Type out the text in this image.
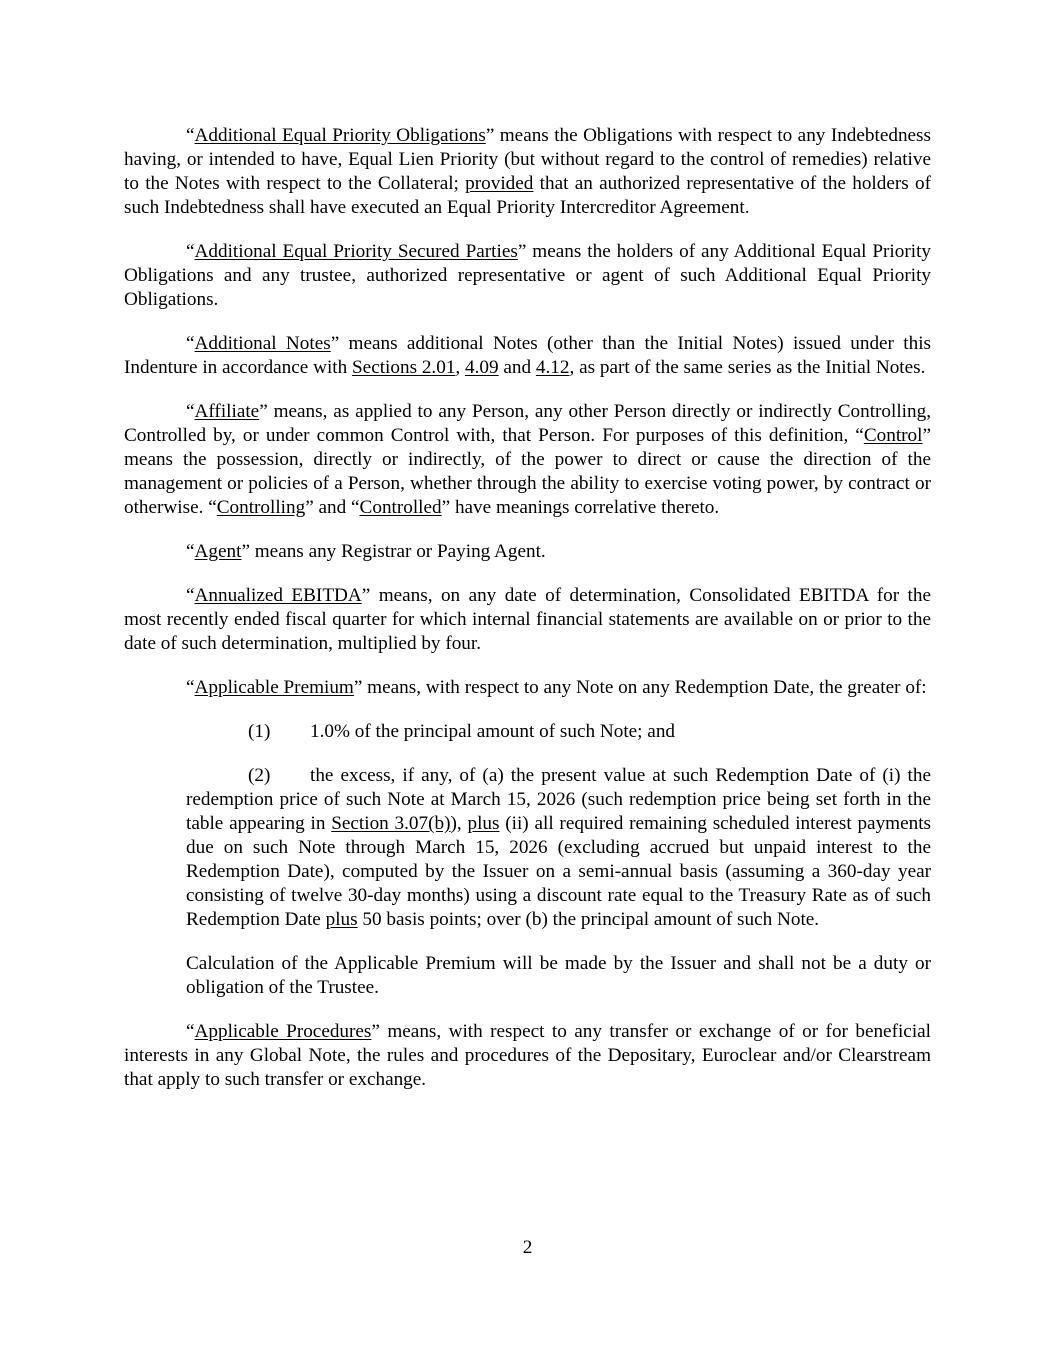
“Additional Equal Priority Obligations” means the Obligations with respect to any Indebtedness having, or intended to have, Equal Lien Priority (but without regard to the control of remedies) relative to the Notes with respect to the Collateral; provided that an authorized representative of the holders of such Indebtedness shall have executed an Equal Priority Intercreditor Agreement.

“Additional Equal Priority Secured Parties” means the holders of any Additional Equal Priority Obligations and any trustee, authorized representative or agent of such Additional Equal Priority Obligations.

“Additional Notes” means additional Notes (other than the Initial Notes) issued under this Indenture in accordance with Sections 2.01, 4.09 and 4.12, as part of the same series as the Initial Notes.

“Affiliate” means, as applied to any Person, any other Person directly or indirectly Controlling, Controlled by, or under common Control with, that Person. For purposes of this definition, “Control” means the possession, directly or indirectly, of the power to direct or cause the direction of the management or policies of a Person, whether through the ability to exercise voting power, by contract or otherwise. “Controlling” and “Controlled” have meanings correlative thereto.

“Agent” means any Registrar or Paying Agent.

“Annualized EBITDA” means, on any date of determination, Consolidated EBITDA for the most recently ended fiscal quarter for which internal financial statements are available on or prior to the date of such determination, multiplied by four.

“Applicable Premium” means, with respect to any Note on any Redemption Date, the greater of:

(1) 1.0% of the principal amount of such Note; and

(2) the excess, if any, of (a) the present value at such Redemption Date of (i) the redemption price of such Note at March 15, 2026 (such redemption price being set forth in the table appearing in Section 3.07(b)), plus (ii) all required remaining scheduled interest payments due on such Note through March 15, 2026 (excluding accrued but unpaid interest to the Redemption Date), computed by the Issuer on a semi-annual basis (assuming a 360-day year consisting of twelve 30-day months) using a discount rate equal to the Treasury Rate as of such Redemption Date plus 50 basis points; over (b) the principal amount of such Note.

Calculation of the Applicable Premium will be made by the Issuer and shall not be a duty or obligation of the Trustee.

“Applicable Procedures” means, with respect to any transfer or exchange of or for beneficial interests in any Global Note, the rules and procedures of the Depositary, Euroclear and/or Clearstream that apply to such transfer or exchange.

2
